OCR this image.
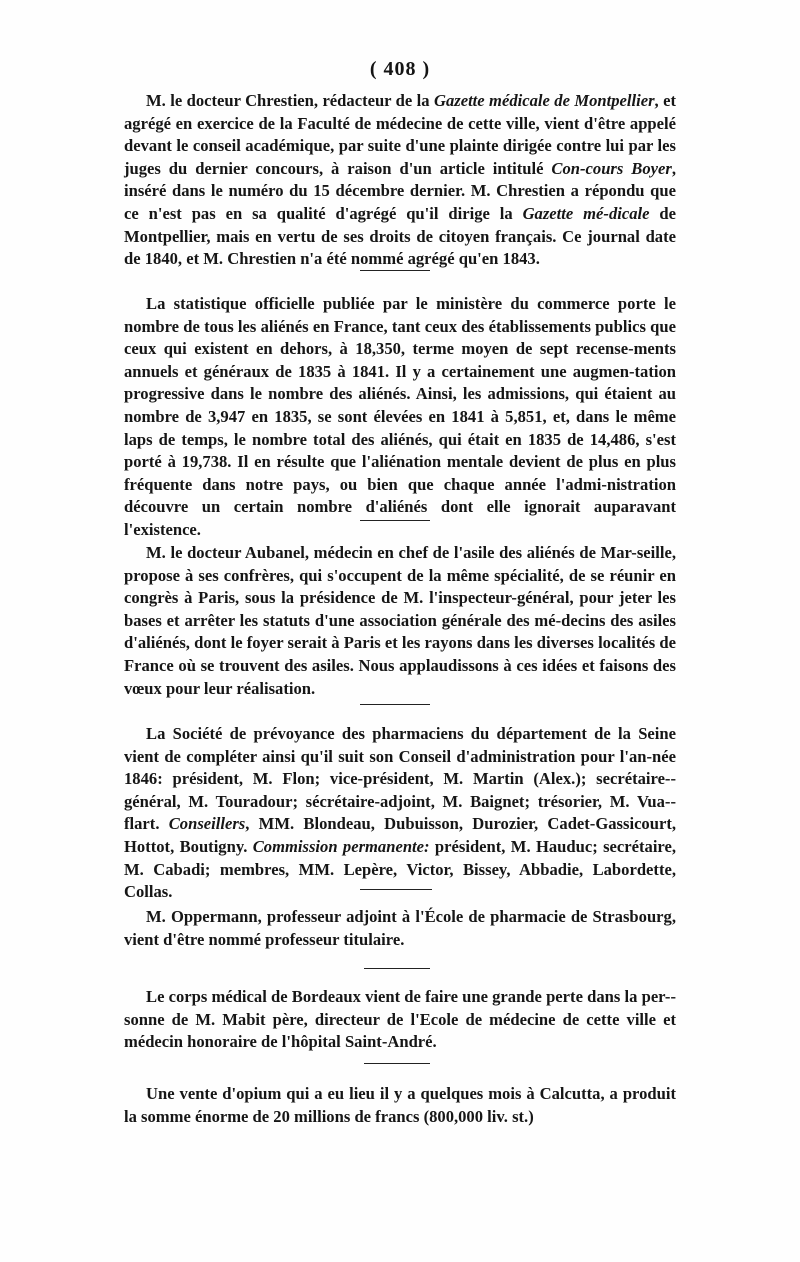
( 408 )

M. le docteur Chrestien, rédacteur de la Gazette médicale de Montpellier, et agrégé en exercice de la Faculté de médecine de cette ville, vient d'être appelé devant le conseil académique, par suite d'une plainte dirigée contre lui par les juges du dernier concours, à raison d'un article intitulé Con-cours Boyer, inséré dans le numéro du 15 décembre dernier. M. Chrestien a répondu que ce n'est pas en sa qualité d'agrégé qu'il dirige la Gazette mé-dicale de Montpellier, mais en vertu de ses droits de citoyen français. Ce journal date de 1840, et M. Chrestien n'a été nommé agrégé qu'en 1843.

La statistique officielle publiée par le ministère du commerce porte le nombre de tous les aliénés en France, tant ceux des établissements publics que ceux qui existent en dehors, à 18,350, terme moyen de sept recense-ments annuels et généraux de 1835 à 1841. Il y a certainement une augmen-tation progressive dans le nombre des aliénés. Ainsi, les admissions, qui étaient au nombre de 3,947 en 1835, se sont élevées en 1841 à 5,851, et, dans le même laps de temps, le nombre total des aliénés, qui était en 1835 de 14,486, s'est porté à 19,738. Il en résulte que l'aliénation mentale devient de plus en plus fréquente dans notre pays, ou bien que chaque année l'admi-nistration découvre un certain nombre d'aliénés dont elle ignorait auparavant l'existence.

M. le docteur Aubanel, médecin en chef de l'asile des aliénés de Mar-seille, propose à ses confrères, qui s'occupent de la même spécialité, de se réunir en congrès à Paris, sous la présidence de M. l'inspecteur-général, pour jeter les bases et arrêter les statuts d'une association générale des mé-decins des asiles d'aliénés, dont le foyer serait à Paris et les rayons dans les diverses localités de France où se trouvent des asiles. Nous applaudissons à ces idées et faisons des vœux pour leur réalisation.

La Société de prévoyance des pharmaciens du département de la Seine vient de compléter ainsi qu'il suit son Conseil d'administration pour l'an-née 1846: président, M. Flon; vice-président, M. Martin (Alex.); secrétaire-général, M. Touradour; sécrétaire-adjoint, M. Baignet; trésorier, M. Vua-flart. Conseillers, MM. Blondeau, Dubuisson, Durozier, Cadet-Gassicourt, Hottot, Boutigny. Commission permanente: président, M. Hauduc; secrétaire, M. Cabadi; membres, MM. Lepère, Victor, Bissey, Abbadie, Labordette, Collas.

M. Oppermann, professeur adjoint à l'École de pharmacie de Strasbourg, vient d'être nommé professeur titulaire.

Le corps médical de Bordeaux vient de faire une grande perte dans la per-sonne de M. Mabit père, directeur de l'Ecole de médecine de cette ville et médecin honoraire de l'hôpital Saint-André.

Une vente d'opium qui a eu lieu il y a quelques mois à Calcutta, a produit la somme énorme de 20 millions de francs (800,000 liv. st.)
